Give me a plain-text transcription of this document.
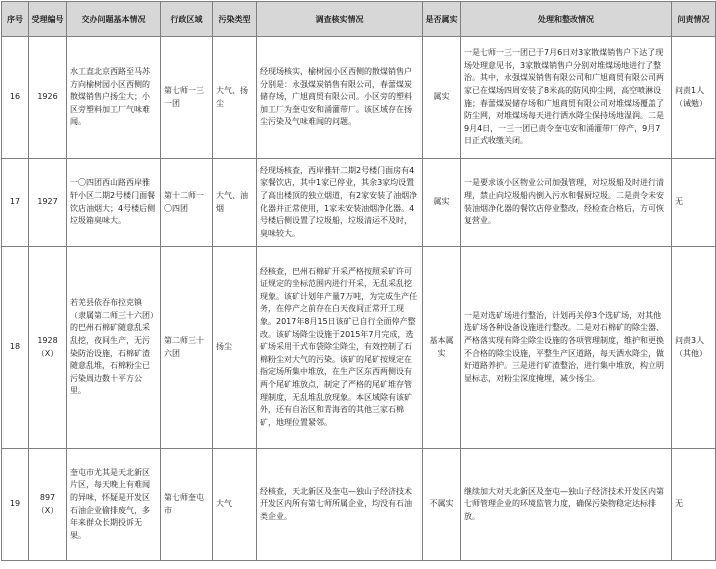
序号	受理编号	交办问题基本情况	行政区域	污染类型	调查核实情况	是否属实	处理和整改情况	问责情况
16	1926	水工直北京西路至马苏方向榆树园小区西侧的散煤销售户扬尘大；小区旁塑料加工厂气味难闻。	第七师一三一团	大气、扬尘	经现场核实，榆树园小区西侧的散煤销售户分别是：永强煤炭销售有限公司，春蕾煤炭储存场，广旭商贸有限公司。小区旁的塑料加工厂为奎屯安和涌灌带厂。该区域存在扬尘污染及气味难闻的问题。	属实	一是七师一三一团已于7月6日对3家散煤销售户下达了现场处理意见书，3家散煤销售户分别对堆煤场地进行了整治。其中，永强煤炭销售有限公司和广旭商贸有限公司两家已在煤场四周安装了8米高的防风抑尘网，高空喷淋设施；春蕾煤炭储存场和广旭商贸有限公司对堆煤场覆盖了防尘网，对堆煤场每天进行洒水降尘保持场地湿润。二是9月4日，一三一团已责令奎屯安和涌灌带厂停产，9月7日正式收缴关闭。	问责1人（诫勉）
17	1927	一〇四团西山路西岸雅轩小区二期2号楼门面餐饮店油烟大；4号楼后侧垃圾箱臭味大。	第十二师一〇四团	大气、油烟	经现场核查，西岸雅轩二期2号楼门面房有4家餐饮店，其中1家已停业，其余3家均设置了高出楼顶的独立烟道，有2家安装了油烟净化器并正常使用，1家未安装油烟净化器。4号楼后侧设置了垃圾船，垃圾清运不及时，臭味较大。	属实	一是要求该小区物业公司加强管理，对垃圾船及时进行清理，禁止向垃圾船内倒入污水和餐厨垃圾。二是责令未安装油烟净化器的餐饮店停业整改，经检查合格后，方可恢复营业。	无
18	1928（X）	若羌县依吞布拉克镇（隶属第二师三十六团）的巴州石棉矿随意乱采乱挖，夜间生产，无污染防治设施，石棉矿渣随意乱堆，石棉粉尘已污染周边数十平方公里。	第二师三十六团	扬尘	经核查，巴州石棉矿开采严格按照采矿许可证规定的坐标范围内进行开采，无乱采乱挖现象。该矿计划年产量7万吨，为完成生产任务，在停产之前存在白天夜间正常开工现象。2017年8月15日该矿已自行全面停产整改。该矿场降尘设施于2015年7月完成，选矿场采用干式布袋除尘降尘，有效控制了石棉粉尘对大气的污染。该矿的尾矿按规定在指定场所集中堆放，在生产区东西两侧设有两个尾矿堆放点，制定了严格的尾矿堆存管理制度，无乱堆乱放现象。本区域除有该矿外，还有自治区和青海省的其他三家石棉矿，地理位置紧邻。	基本属实	一是对选矿场进行整治，计划再关停3个选矿场，对其他选矿场各种设备设施进行整改。二是对石棉矿的除尘器、严格落实现有降尘除尘设施的各项管理制度，维护和更换不合格的除尘设施，平整生产区道路，每天洒水降尘，做好道路养护。三是进行矿渣整治，进行集中堆放，构立明显标志，对粉尘深度掩埋，减少扬尘。	问责3人（其他）
19	897（X）	奎屯市尤其是天北新区片区，每天晚上有难闻的异味，怀疑是开发区石油企业偷排废气，多年来群众长期投诉无果。	第七师奎屯市	大气	经核查，天北新区及奎屯—独山子经济技术开发区内所有第七师所属企业，均没有石油类企业。	不属实	继续加大对天北新区及奎屯—独山子经济技术开发区内第七师管理企业的环境监管力度，确保污染物稳定达标排放。	无
